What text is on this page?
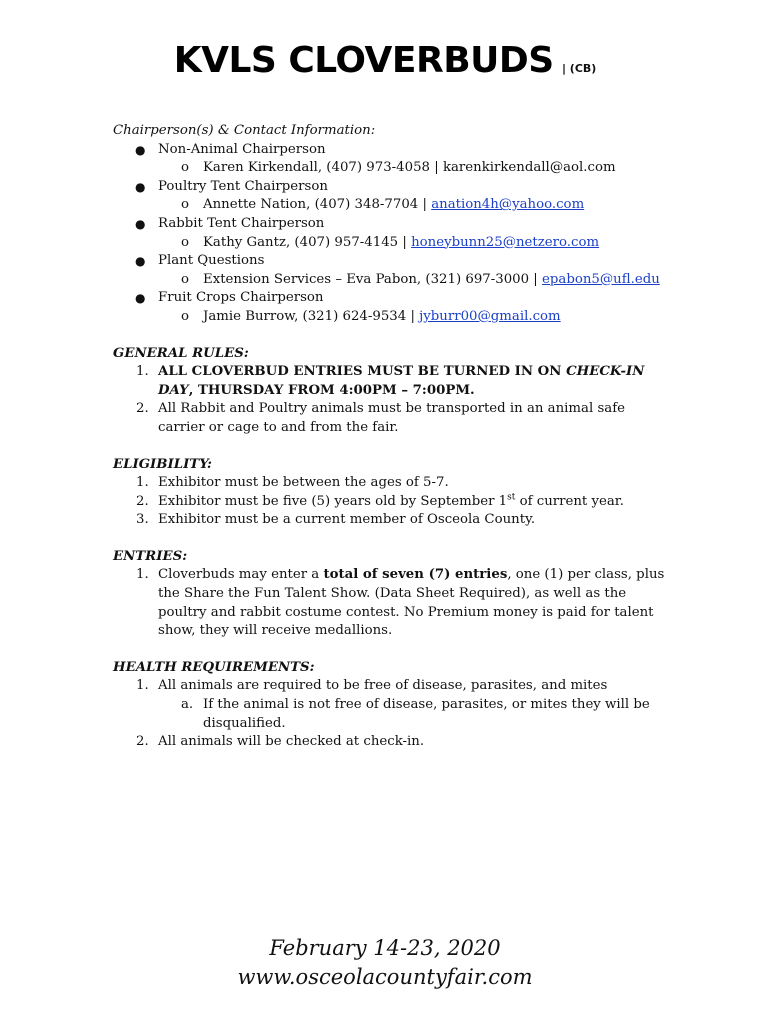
KVLS CLOVERBUDS | (CB)
Chairperson(s) & Contact Information:
● Non-Animal Chairperson
o Karen Kirkendall, (407) 973-4058 | karenkirkendall@aol.com
● Poultry Tent Chairperson
o Annette Nation, (407) 348-7704 | anation4h@yahoo.com
● Rabbit Tent Chairperson
o Kathy Gantz, (407) 957-4145 | honeybunn25@netzero.com
● Plant Questions
o Extension Services – Eva Pabon, (321) 697-3000 | epabon5@ufl.edu
● Fruit Crops Chairperson
o Jamie Burrow, (321) 624-9534 | jyburr00@gmail.com
GENERAL RULES:
1. ALL CLOVERBUD ENTRIES MUST BE TURNED IN ON CHECK-IN DAY, THURSDAY FROM 4:00PM – 7:00PM.
2. All Rabbit and Poultry animals must be transported in an animal safe carrier or cage to and from the fair.
ELIGIBILITY:
1. Exhibitor must be between the ages of 5-7.
2. Exhibitor must be five (5) years old by September 1st of current year.
3. Exhibitor must be a current member of Osceola County.
ENTRIES:
1. Cloverbuds may enter a total of seven (7) entries, one (1) per class, plus the Share the Fun Talent Show. (Data Sheet Required), as well as the poultry and rabbit costume contest. No Premium money is paid for talent show, they will receive medallions.
HEALTH REQUIREMENTS:
1. All animals are required to be free of disease, parasites, and mites
a. If the animal is not free of disease, parasites, or mites they will be disqualified.
2. All animals will be checked at check-in.
February 14-23, 2020
www.osceolacountyfair.com
